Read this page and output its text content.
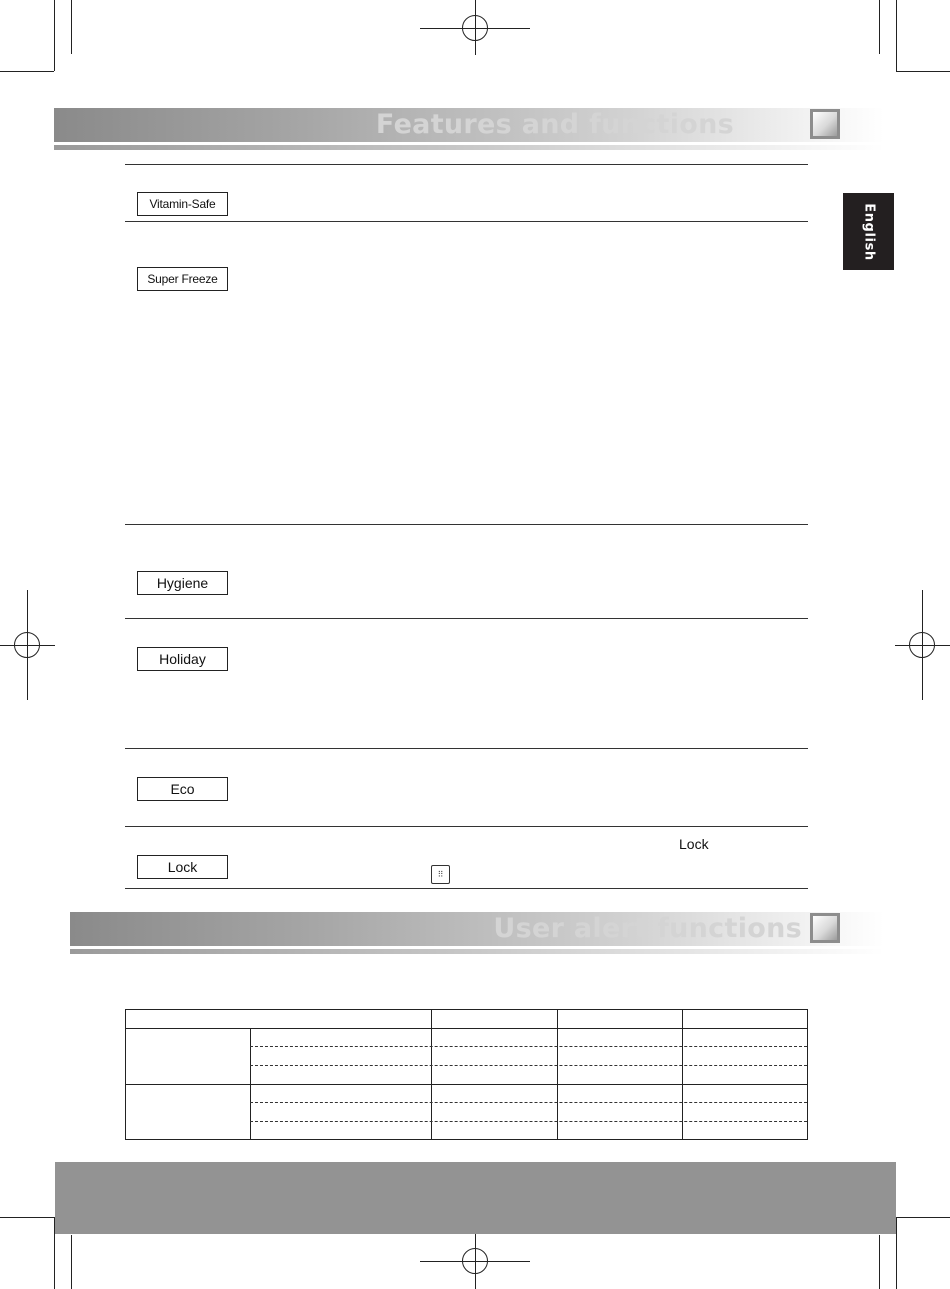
Features and functions
English
Vitamin-Safe
Super Freeze
Hygiene
Holiday
Eco
Lock
Lock
⠿
User alert functions
